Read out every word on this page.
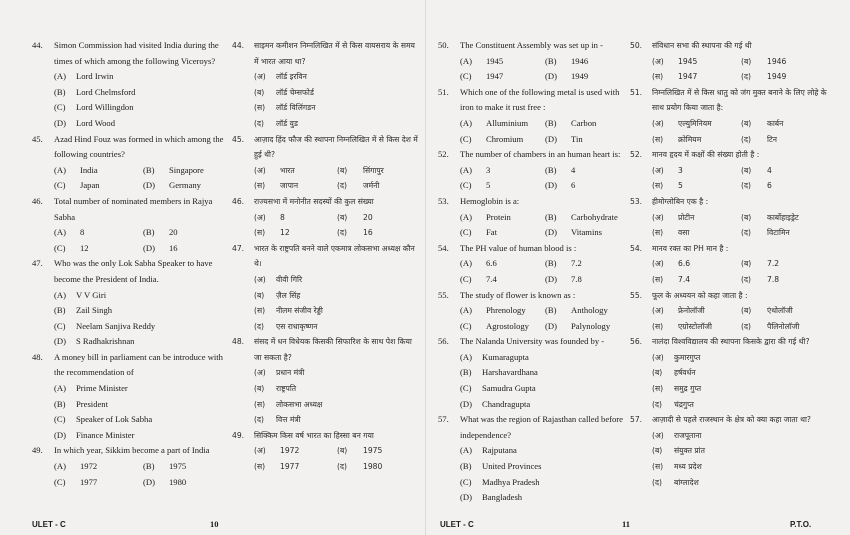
44.	Simon Commission had visited India during the times of which among the following Viceroys?
(A)	Lord Irwin
(B)	Lord Chelmsford
(C)	Lord Willingdon
(D)	Lord Wood
45.	Azad Hind Fouz was formed in which among the following countries?
(A)	India	(B)	Singapore
(C)	Japan	(D)	Germany
46.	Total number of nominated members in Rajya Sabha
(A)	8	(B)	20
(C)	12	(D)	16
47.	Who was the only Lok Sabha Speaker to have become the President of India.
(A)	V V Giri
(B)	Zail Singh
(C)	Neelam Sanjiva Reddy
(D)	S Radhakrishnan
48.	A money bill in parliament can be introduce with the recommendation of
(A)	Prime Minister
(B)	President
(C)	Speaker of Lok Sabha
(D)	Finance Minister
49.	In which year, Sikkim become a part of India
(A)	1972	(B)	1975
(C)	1977	(D)	1980
44.	साइमन कमीशन निम्नलिखित में से किस वायसराय के समय में भारत आया था?
(अ)	लॉर्ड इरविन
(ब)	लॉर्ड चेम्सफोर्ड
(स)	लॉर्ड विलिंगडन
(द)	लॉर्ड वुड
45.	आज़ाद हिंद फौज की स्थापना निम्नलिखित में से किस देश में हुई थी?
(अ)	भारत	(ब)	सिंगापुर
(स)	जापान	(द)	जर्मनी
46.	राज्यसभा में मनोनीत सदस्यों की कुल संख्या
(अ)	8	(ब)	20
(स)	12	(द)	16
47.	भारत के राष्ट्रपति बनने वाले एकमात्र लोकसभा अध्यक्ष कौन थे।
(अ)	वीवी गिरि
(ब)	ज़ैल सिंह
(स)	नीलम संजीव रेड्डी
(द)	एस राधाकृष्णन
48.	संसद में धन विधेयक किसकी सिफारिश के साथ पेश किया जा सकता है?
(अ)	प्रधान मंत्री
(ब)	राष्ट्रपति
(स)	लोकसभा अध्यक्ष
(द)	वित्त मंत्री
49.	सिक्किम किस वर्ष भारत का हिस्सा बन गया
(अ)	1972	(ब)	1975
(स)	1977	(द)	1980
50.	The Constituent Assembly was set up in -
(A)	1945	(B)	1946
(C)	1947	(D)	1949
51.	Which one of the following metal is used with iron to make it rust free :
(A)	Alluminium (B)	Carbon
(C)	Chromium	(D)	Tin
52.	The number of chambers in an human heart is:
(A)	3	(B)	4
(C)	5	(D)	6
53.	Hemoglobin is a:
(A)	Protein	(B)	Carbohydrate
(C)	Fat	(D)	Vitamins
54.	The PH value of human blood is :
(A)	6.6	(B)	7.2
(C)	7.4	(D)	7.8
55.	The study of flower is known as :
(A)	Phrenology (B)	Anthology
(C)	Agrostology (D)	Palynology
56.	The Nalanda University was founded by -
(A)	Kumaragupta
(B)	Harshavardhana
(C)	Samudra Gupta
(D)	Chandragupta
57.	What was the region of Rajasthan called before independence?
(A)	Rajputana
(B)	United Provinces
(C)	Madhya Pradesh
(D)	Bangladesh
50.	संविधान सभा की स्थापना की गई थी
(अ)	1945	(ब)	1946
(स)	1947	(द)	1949
51.	निम्नलिखित में से किस धातु को जंग मुक्त बनाने के लिए लोहे के साथ प्रयोग किया जाता है:
(अ)	एल्युमिनियम	(ब)	कार्बन
(स)	क्रोमियम	(द)	टिन
52.	मानव हृदय में कक्षों की संख्या होती है :
(अ)	3	(ब)	4
(स)	5	(द)	6
53.	हीमोग्लोबिन एक है :
(अ)	प्रोटीन	(ब)	कार्बोहाइड्रेट
(स)	वसा	(द)	विटामिन
54.	मानव रक्त का PH मान है :
(अ)	6.6	(ब)	7.2
(स)	7.4	(द)	7.8
55.	फूल के अध्ययन को कहा जाता है :
(अ)	फ्रेनोलॉजी	(ब)	एंथोलॉजी
(स)	एग्रोस्टोलॉजी	(द)	पैलिनोलॉजी
56.	नालंदा विश्वविद्यालय की स्थापना किसके द्वारा की गई थी?
(अ)	कुमारगुप्त
(ब)	हर्षवर्धन
(स)	समुद्र गुप्त
(द)	चंद्रगुप्त
57.	आज़ादी से पहले राजस्थान के क्षेत्र को क्या कहा जाता था?
(अ)	राजपूताना
(ब)	संयुक्त प्रांत
(स)	मध्य प्रदेश
(द)	बांग्लादेश
ULET - C	10	ULET - C	11	P.T.O.
